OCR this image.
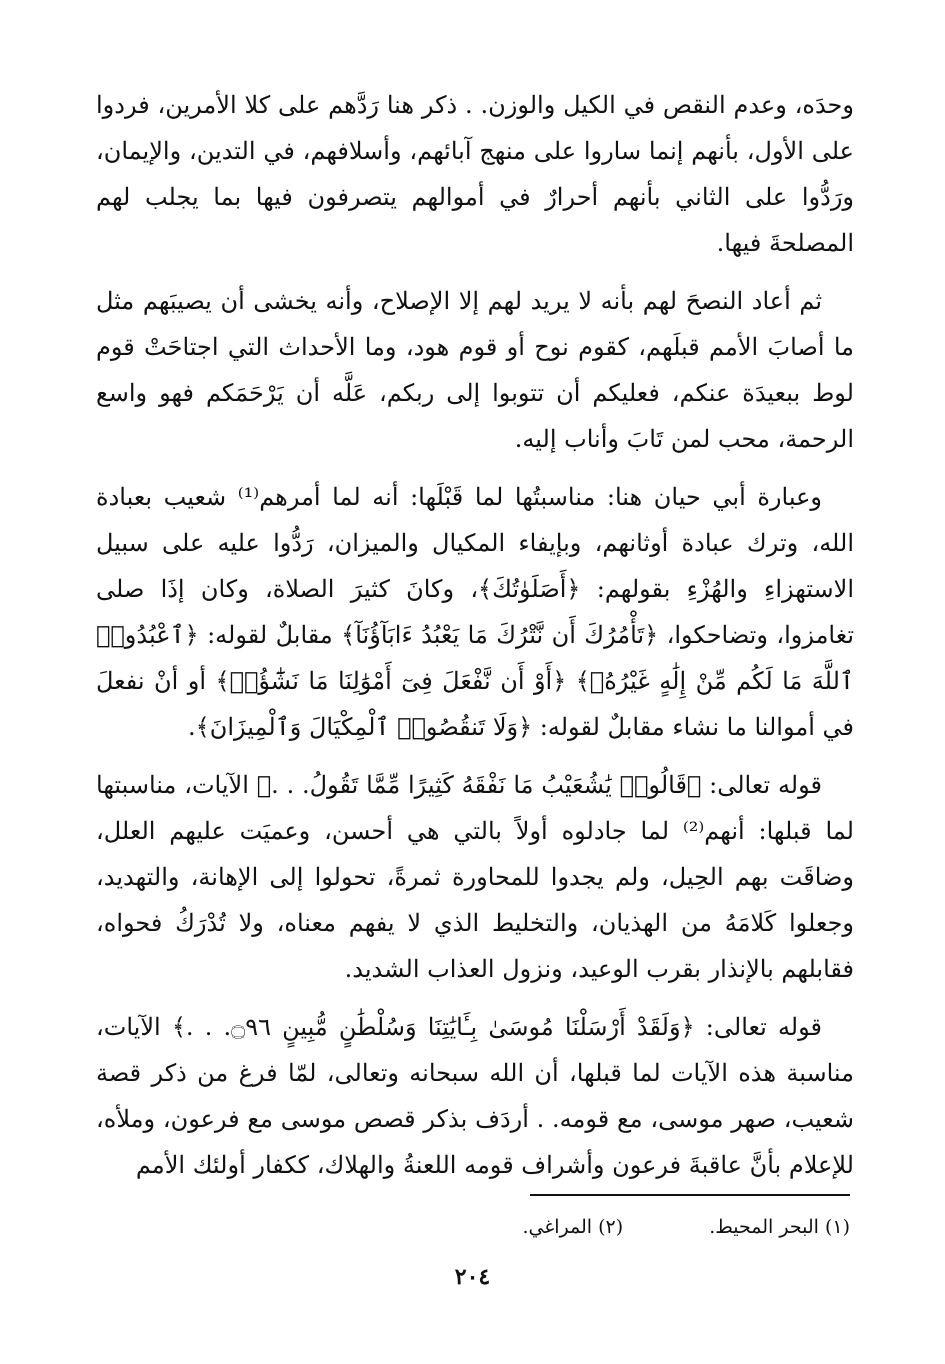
وحدَه، وعدم النقص في الكيل والوزن. . ذكر هنا رَدَّهم على كلا الأمرين، فردوا على الأول، بأنهم إنما ساروا على منهج آبائهم، وأسلافهم، في التدين، والإيمان، ورَدُّوا على الثاني بأنهم أحرارٌ في أموالهم يتصرفون فيها بما يجلب لهم المصلحةَ فيها.

ثم أعاد النصحَ لهم بأنه لا يريد لهم إلا الإصلاح، وأنه يخشى أن يصيبَهم مثل ما أصابَ الأمم قبلَهم، كقوم نوح أو قوم هود، وما الأحداث التي اجتاحَتْ قوم لوط ببعيدَة عنكم، فعليكم أن تتوبوا إلى ربكم، عَلَّه أن يَرْحَمَكم فهو واسع الرحمة، محب لمن تَابَ وأناب إليه.

وعبارة أبي حيان هنا: مناسبتُها لما قَبْلَها: أنه لما أمرهم⁽¹⁾ شعيب بعبادة الله، وترك عبادة أوثانهم، وبإيفاء المكيال والميزان، رَدُّوا عليه على سبيل الاستهزاءِ والهُزْءِ بقولهم: ﴿أَصَلَوٰتُكَ﴾، وكانَ كثيرَ الصلاة، وكان إذَا صلى تغامزوا، وتضاحكوا، ﴿تَأْمُرُكَ أَن نَّتْرُكَ مَا يَعْبُدُ ءَابَآؤُنَآ﴾ مقابلٌ لقوله: ﴿ٱعْبُدُوا۟ ٱللَّهَ مَا لَكُم مِّنْ إِلَٰهٍ غَيْرُهُۥ﴾ ﴿أَوْ أَن نَّفْعَلَ فِىٓ أَمْوَٰلِنَا مَا نَشَٰٓؤُا۟﴾ أو أنْ نفعلَ في أموالنا ما نشاء مقابلٌ لقوله: ﴿وَلَا تَنقُصُوا۟ ٱلْمِكْيَالَ وَٱلْمِيزَانَ﴾.

قوله تعالى: ﴿قَالُوا۟ يَٰشُعَيْبُ مَا نَفْقَهُ كَثِيرًا مِّمَّا تَقُولُ. . .﴾ الآيات، مناسبتها لما قبلها: أنهم⁽²⁾ لما جادلوه أولاً بالتي هي أحسن، وعميَت عليهم العلل، وضاقَت بهم الحِيل، ولم يجدوا للمحاورة ثمرةً، تحولوا إلى الإهانة، والتهديد، وجعلوا كَلامَهُ من الهذيان، والتخليط الذي لا يفهم معناه، ولا تُدْرَكُ فحواه، فقابلهم بالإنذار بقرب الوعيد، ونزول العذاب الشديد.

قوله تعالى: ﴿وَلَقَدْ أَرْسَلْنَا مُوسَىٰ بِـَٔايَٰتِنَا وَسُلْطَٰنٍ مُّبِينٍ ۝٩٦. . .﴾ الآيات، مناسبة هذه الآيات لما قبلها، أن الله سبحانه وتعالى، لمّا فرغ من ذكر قصة شعيب، صهر موسى، مع قومه. . أردَف بذكر قصص موسى مع فرعون، وملأه، للإعلام بأنَّ عاقبةَ فرعون وأشراف قومه اللعنةُ والهلاك، ككفار أولئك الأمم

(١) البحر المحيط.(٢) المراغي.
٢٠٤
